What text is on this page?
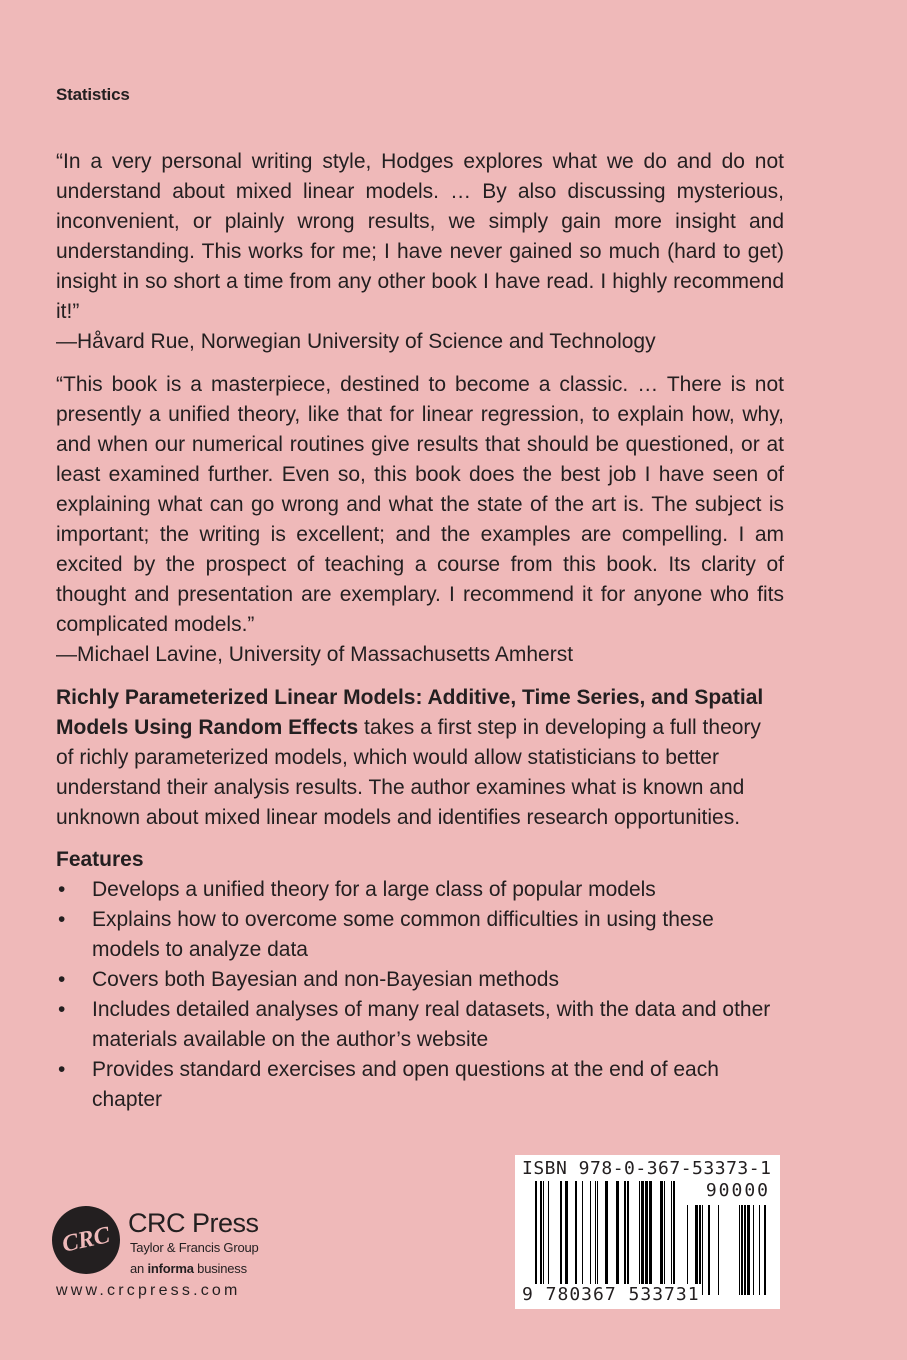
Statistics

“In a very personal writing style, Hodges explores what we do and do not understand about mixed linear models. … By also discussing mysterious, inconvenient, or plainly wrong results, we simply gain more insight and understanding. This works for me; I have never gained so much (hard to get) insight in so short a time from any other book I have read. I highly recommend it!”

—Håvard Rue, Norwegian University of Science and Technology

“This book is a masterpiece, destined to become a classic. … There is not presently a unified theory, like that for linear regression, to explain how, why, and when our numerical routines give results that should be questioned, or at least examined further. Even so, this book does the best job I have seen of explaining what can go wrong and what the state of the art is. The subject is important; the writing is excellent; and the examples are compelling. I am excited by the prospect of teaching a course from this book. Its clarity of thought and presentation are exemplary. I recommend it for anyone who fits complicated models.”

—Michael Lavine, University of Massachusetts Amherst

Richly Parameterized Linear Models: Additive, Time Series, and Spatial Models Using Random Effects takes a first step in developing a full theory of richly parameterized models, which would allow statisticians to better understand their analysis results. The author examines what is known and unknown about mixed linear models and identifies research opportunities.

Features

• Develops a unified theory for a large class of popular models
• Explains how to overcome some common difficulties in using these models to analyze data
• Covers both Bayesian and non-Bayesian methods
• Includes detailed analyses of many real datasets, with the data and other materials available on the author’s website
• Provides standard exercises and open questions at the end of each chapter
CRC CRC Press
Taylor & Francis Group
an informa business
www.crcpress.com
ISBN 978-0-367-53373-1
90000
9 780367 533731
